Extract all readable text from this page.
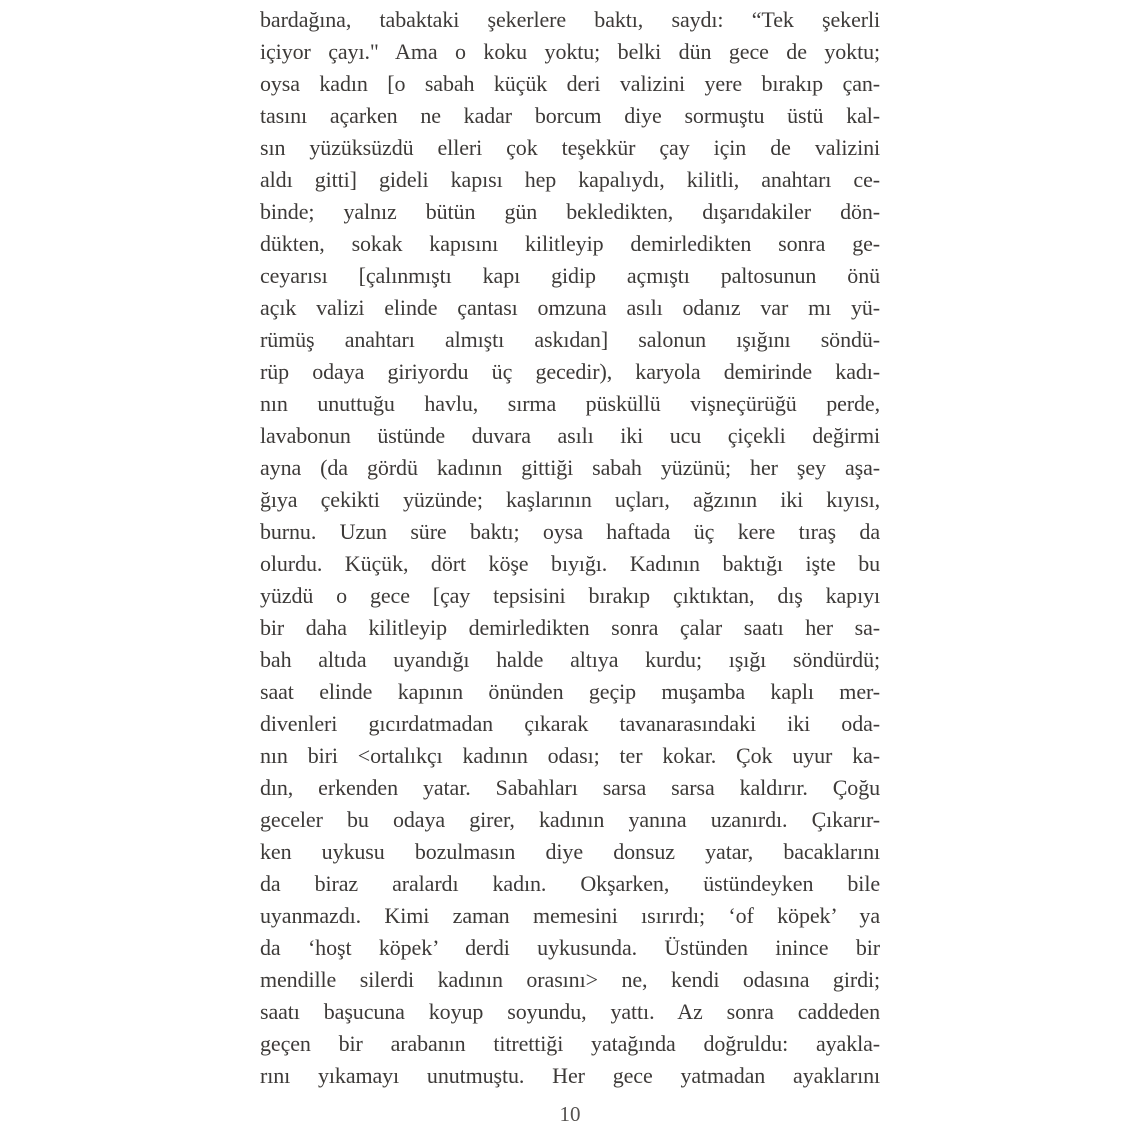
bardağına, tabaktaki şekerlere baktı, saydı: “Tek şekerli
içiyor çayı." Ama o koku yoktu; belki dün gece de yoktu;
oysa kadın [o sabah küçük deri valizini yere bırakıp çan-
tasını açarken ne kadar borcum diye sormuştu üstü kal-
sın yüzüksüzdü elleri çok teşekkür çay için de valizini
aldı gitti] gideli kapısı hep kapalıydı, kilitli, anahtarı ce-
binde; yalnız bütün gün bekledikten, dışarıdakiler dön-
dükten, sokak kapısını kilitleyip demirledikten sonra ge-
ceyarısı [çalınmıştı kapı gidip açmıştı paltosunun önü
açık valizi elinde çantası omzuna asılı odanız var mı yü-
rümüş anahtarı almıştı askıdan] salonun ışığını söndü-
rüp odaya giriyordu üç gecedir), karyola demirinde kadı-
nın unuttuğu havlu, sırma püsküllü vişneçürüğü perde,
lavabonun üstünde duvara asılı iki ucu çiçekli değirmi
ayna (da gördü kadının gittiği sabah yüzünü; her şey aşa-
ğıya çekikti yüzünde; kaşlarının uçları, ağzının iki kıyısı,
burnu. Uzun süre baktı; oysa haftada üç kere tıraş da
olurdu. Küçük, dört köşe bıyığı. Kadının baktığı işte bu
yüzdü o gece [çay tepsisini bırakıp çıktıktan, dış kapıyı
bir daha kilitleyip demirledikten sonra çalar saatı her sa-
bah altıda uyandığı halde altıya kurdu; ışığı söndürdü;
saat elinde kapının önünden geçip muşamba kaplı mer-
divenleri gıcırdatmadan çıkarak tavanarasındaki iki oda-
nın biri <ortalıkçı kadının odası; ter kokar. Çok uyur ka-
dın, erkenden yatar. Sabahları sarsa sarsa kaldırır. Çoğu
geceler bu odaya girer, kadının yanına uzanırdı. Çıkarır-
ken uykusu bozulmasın diye donsuz yatar, bacaklarını
da biraz aralardı kadın. Okşarken, üstündeyken bile
uyanmazdı. Kimi zaman memesini ısırırdı; ‘of köpek’ ya
da ‘hoşt köpek’ derdi uykusunda. Üstünden inince bir
mendille silerdi kadının orasını> ne, kendi odasına girdi;
saatı başucuna koyup soyundu, yattı. Az sonra caddeden
geçen bir arabanın titrettiği yatağında doğruldu: ayakla-
rını yıkamayı unutmuştu. Her gece yatmadan ayaklarını
10
